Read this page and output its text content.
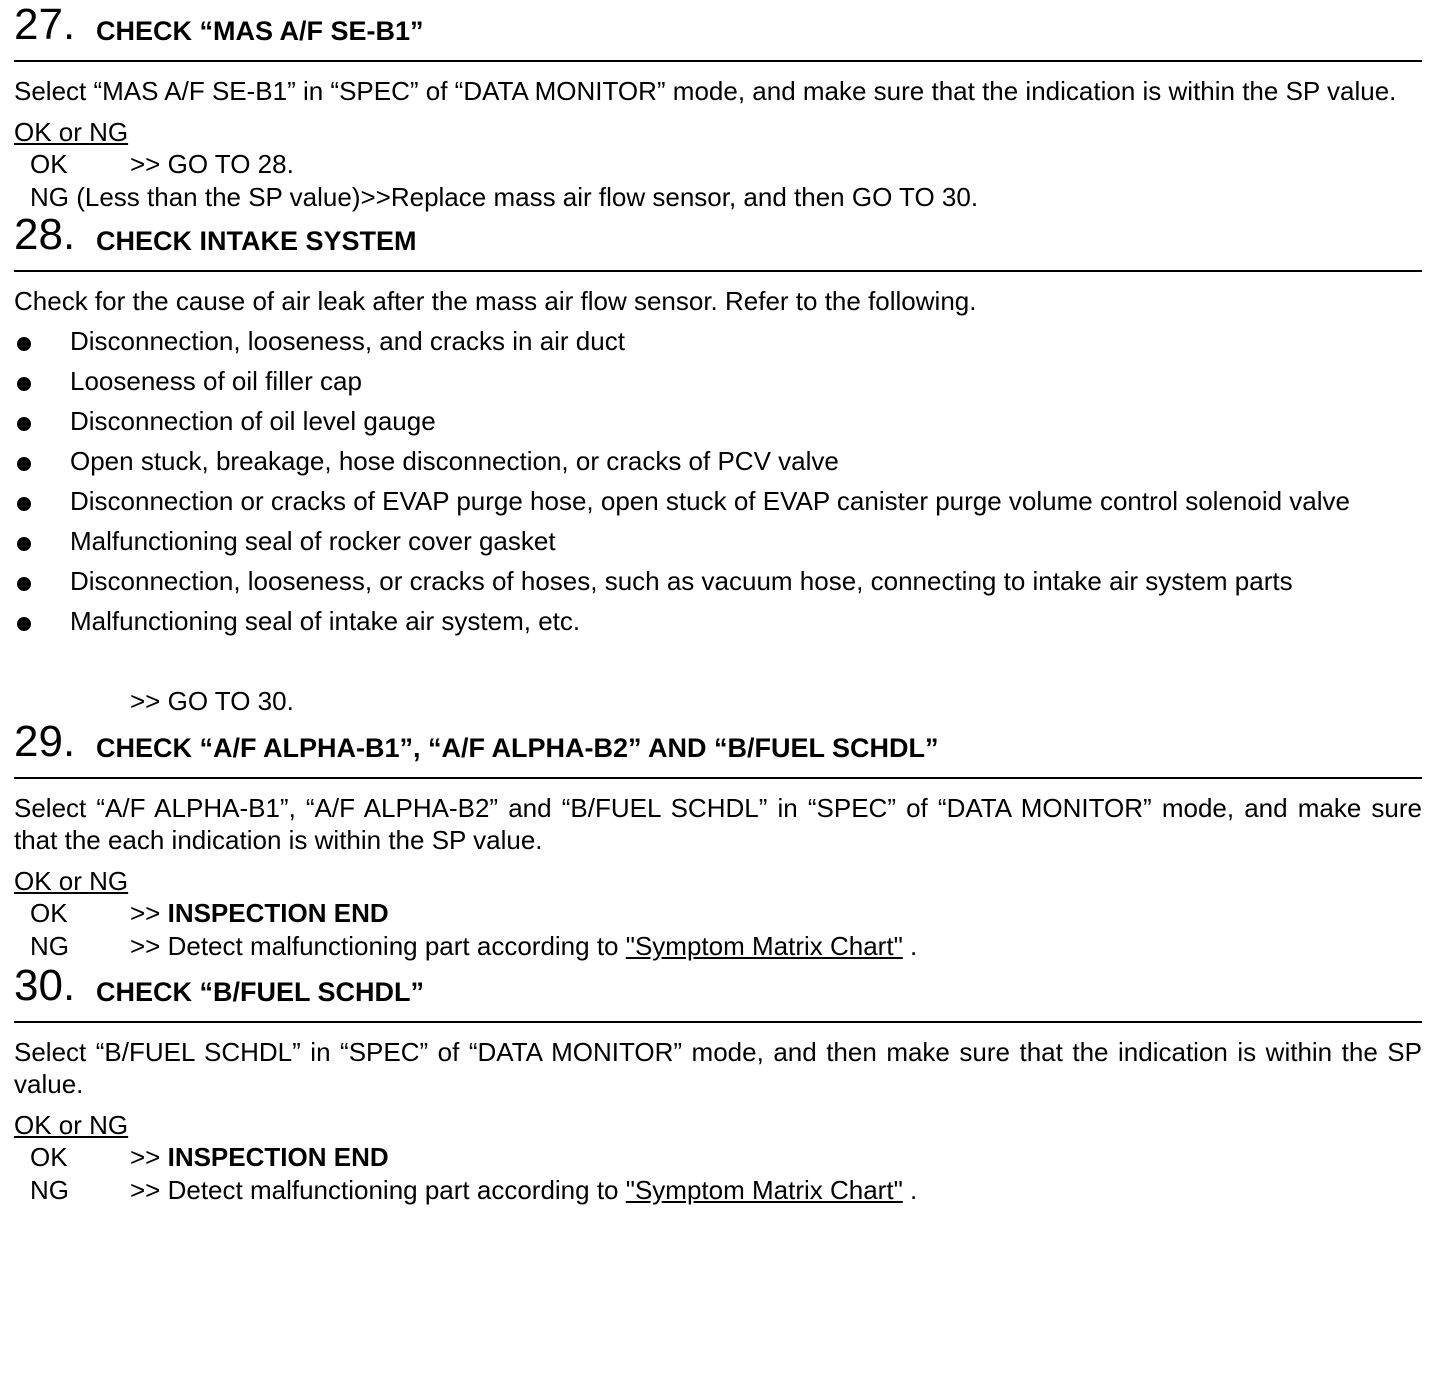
27. CHECK “MAS A/F SE-B1”

Select “MAS A/F SE-B1” in “SPEC” of “DATA MONITOR” mode, and make sure that the indication is within the SP value.

OK or NG
OK >> GO TO 28.
NG (Less than the SP value)>>Replace mass air flow sensor, and then GO TO 30.
28. CHECK INTAKE SYSTEM

Check for the cause of air leak after the mass air flow sensor. Refer to the following.

Disconnection, looseness, and cracks in air duct
Looseness of oil filler cap
Disconnection of oil level gauge
Open stuck, breakage, hose disconnection, or cracks of PCV valve
Disconnection or cracks of EVAP purge hose, open stuck of EVAP canister purge volume control solenoid valve
Malfunctioning seal of rocker cover gasket
Disconnection, looseness, or cracks of hoses, such as vacuum hose, connecting to intake air system parts
Malfunctioning seal of intake air system, etc.
>> GO TO 30.
29. CHECK “A/F ALPHA-B1”, “A/F ALPHA-B2” AND “B/FUEL SCHDL”

Select “A/F ALPHA-B1”, “A/F ALPHA-B2” and “B/FUEL SCHDL” in “SPEC” of “DATA MONITOR” mode, and make sure that the each indication is within the SP value.

OK or NG
OK >> INSPECTION END
NG >> Detect malfunctioning part according to "Symptom Matrix Chart" .
30. CHECK “B/FUEL SCHDL”

Select “B/FUEL SCHDL” in “SPEC” of “DATA MONITOR” mode, and then make sure that the indication is within the SP value.

OK or NG
OK >> INSPECTION END
NG >> Detect malfunctioning part according to "Symptom Matrix Chart" .
